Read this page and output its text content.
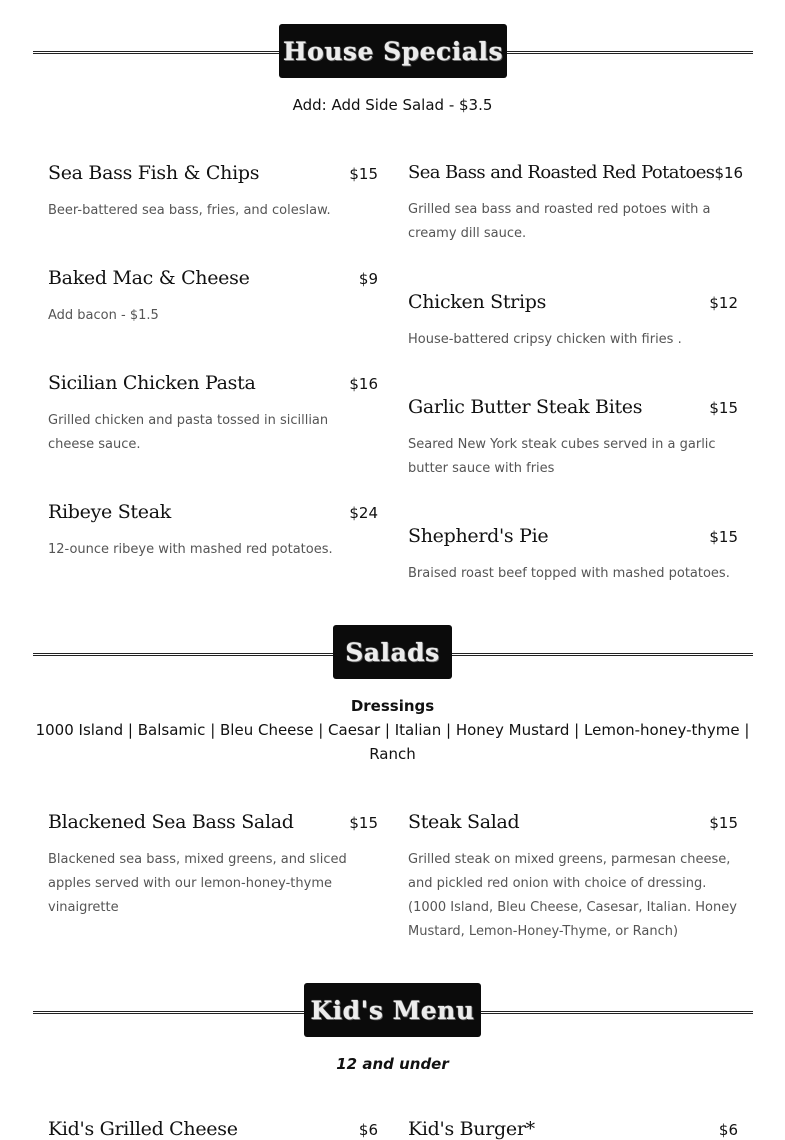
House Specials

Add: Add Side Salad - $3.5

Sea Bass Fish & Chips	$15
Beer-battered sea bass, fries, and coleslaw.
Baked Mac & Cheese	$9
Add bacon - $1.5
Sicilian Chicken Pasta	$16
Grilled chicken and pasta tossed in sicillian cheese sauce.
Ribeye Steak	$24
12-ounce ribeye with mashed red potatoes.
Sea Bass and Roasted Red Potatoes $16
Grilled sea bass and roasted red potoes with a creamy dill sauce.
Chicken Strips	$12
House-battered cripsy chicken with firies .
Garlic Butter Steak Bites	$15
Seared New York steak cubes served in a garlic butter sauce with fries
Shepherd's Pie	$15
Braised roast beef topped with mashed potatoes.
Salads

Dressings

1000 Island | Balsamic | Bleu Cheese | Caesar | Italian | Honey Mustard | Lemon-honey-thyme | Ranch

Blackened Sea Bass Salad	$15
Blackened sea bass, mixed greens, and sliced apples served with our lemon-honey-thyme vinaigrette
Steak Salad	$15
Grilled steak on mixed greens, parmesan cheese, and pickled red onion with choice of dressing. (1000 Island, Bleu Cheese, Casesar, Italian. Honey Mustard, Lemon-Honey-Thyme, or Ranch)
Kid's Menu

12 and under

Kid's Grilled Cheese	$6 Kid's Burger*	$6
